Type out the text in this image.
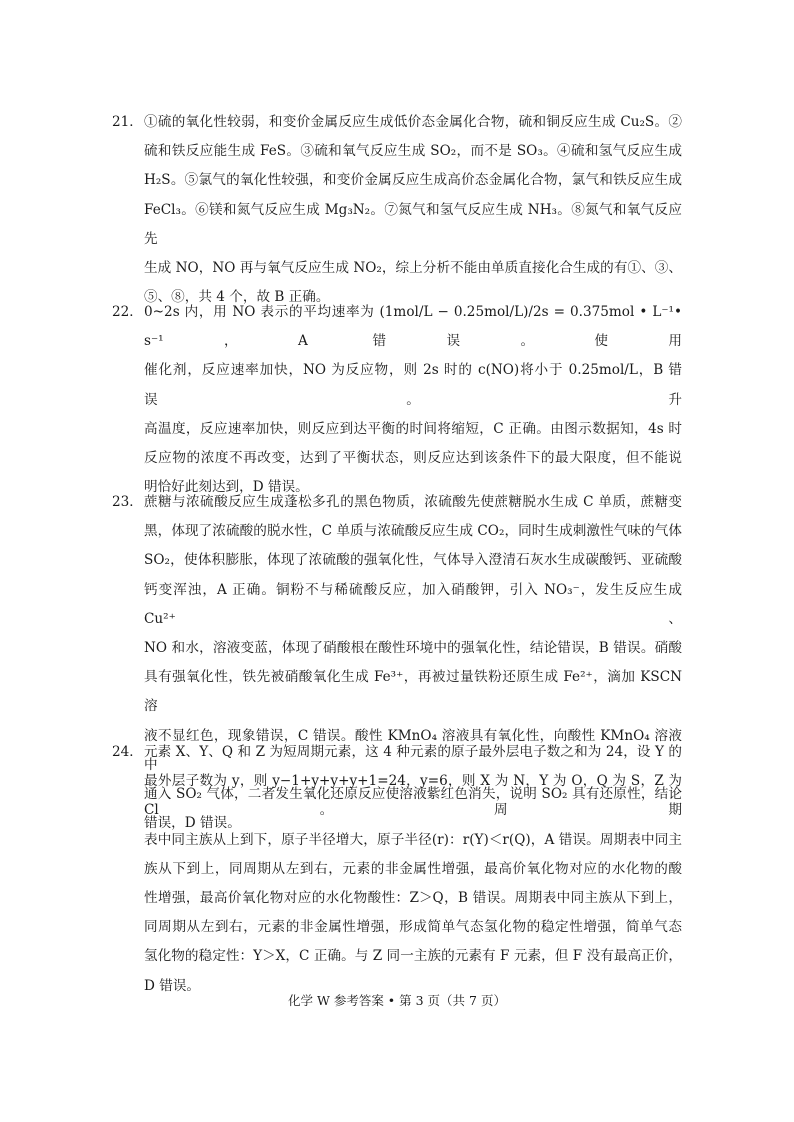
21． ①硫的氧化性较弱，和变价金属反应生成低价态金属化合物，硫和铜反应生成 Cu₂S。②
硫和铁反应能生成 FeS。③硫和氧气反应生成 SO₂，而不是 SO₃。④硫和氢气反应生成
H₂S。⑤氯气的氧化性较强，和变价金属反应生成高价态金属化合物，氯气和铁反应生成
FeCl₃。⑥镁和氮气反应生成 Mg₃N₂。⑦氮气和氢气反应生成 NH₃。⑧氮气和氧气反应先
生成 NO，NO 再与氧气反应生成 NO₂，综上分析不能由单质直接化合生成的有①、③、
⑤、⑧，共 4 个，故 B 正确。
22． 0~2s 内，用 NO 表示的平均速率为 (1mol/L − 0.25mol/L)/2s = 0.375mol • L⁻¹• s⁻¹，A 错误。使用
催化剂，反应速率加快，NO 为反应物，则 2s 时的 c(NO)将小于 0.25mol/L，B 错误。升
高温度，反应速率加快，则反应到达平衡的时间将缩短，C 正确。由图示数据知，4s 时
反应物的浓度不再改变，达到了平衡状态，则反应达到该条件下的最大限度，但不能说
明恰好此刻达到，D 错误。
23． 蔗糖与浓硫酸反应生成蓬松多孔的黑色物质，浓硫酸先使蔗糖脱水生成 C 单质，蔗糖变
黑，体现了浓硫酸的脱水性，C 单质与浓硫酸反应生成 CO₂，同时生成刺激性气味的气体
SO₂，使体积膨胀，体现了浓硫酸的强氧化性，气体导入澄清石灰水生成碳酸钙、亚硫酸
钙变浑浊，A 正确。铜粉不与稀硫酸反应，加入硝酸钾，引入 NO₃⁻，发生反应生成 Cu²⁺、
NO 和水，溶液变蓝，体现了硝酸根在酸性环境中的强氧化性，结论错误，B 错误。硝酸
具有强氧化性，铁先被硝酸氧化生成 Fe³⁺，再被过量铁粉还原生成 Fe²⁺，滴加 KSCN 溶
液不显红色，现象错误，C 错误。酸性 KMnO₄ 溶液具有氧化性，向酸性 KMnO₄ 溶液中
通入 SO₂ 气体，二者发生氧化还原反应使溶液紫红色消失，说明 SO₂ 具有还原性，结论
错误，D 错误。
24． 元素 X、Y、Q 和 Z 为短周期元素，这 4 种元素的原子最外层电子数之和为 24，设 Y 的
最外层子数为 y，则 y−1+y+y+y+1=24，y=6，则 X 为 N，Y 为 O，Q 为 S，Z 为 Cl。周期
表中同主族从上到下，原子半径增大，原子半径(r)：r(Y)＜r(Q)，A 错误。周期表中同主
族从下到上，同周期从左到右，元素的非金属性增强，最高价氧化物对应的水化物的酸
性增强，最高价氧化物对应的水化物酸性：Z＞Q，B 错误。周期表中同主族从下到上，
同周期从左到右，元素的非金属性增强，形成简单气态氢化物的稳定性增强，简单气态
氢化物的稳定性：Y＞X，C 正确。与 Z 同一主族的元素有 F 元素，但 F 没有最高正价，
D 错误。
化学 W 参考答案 • 第 3 页（共 7 页）
